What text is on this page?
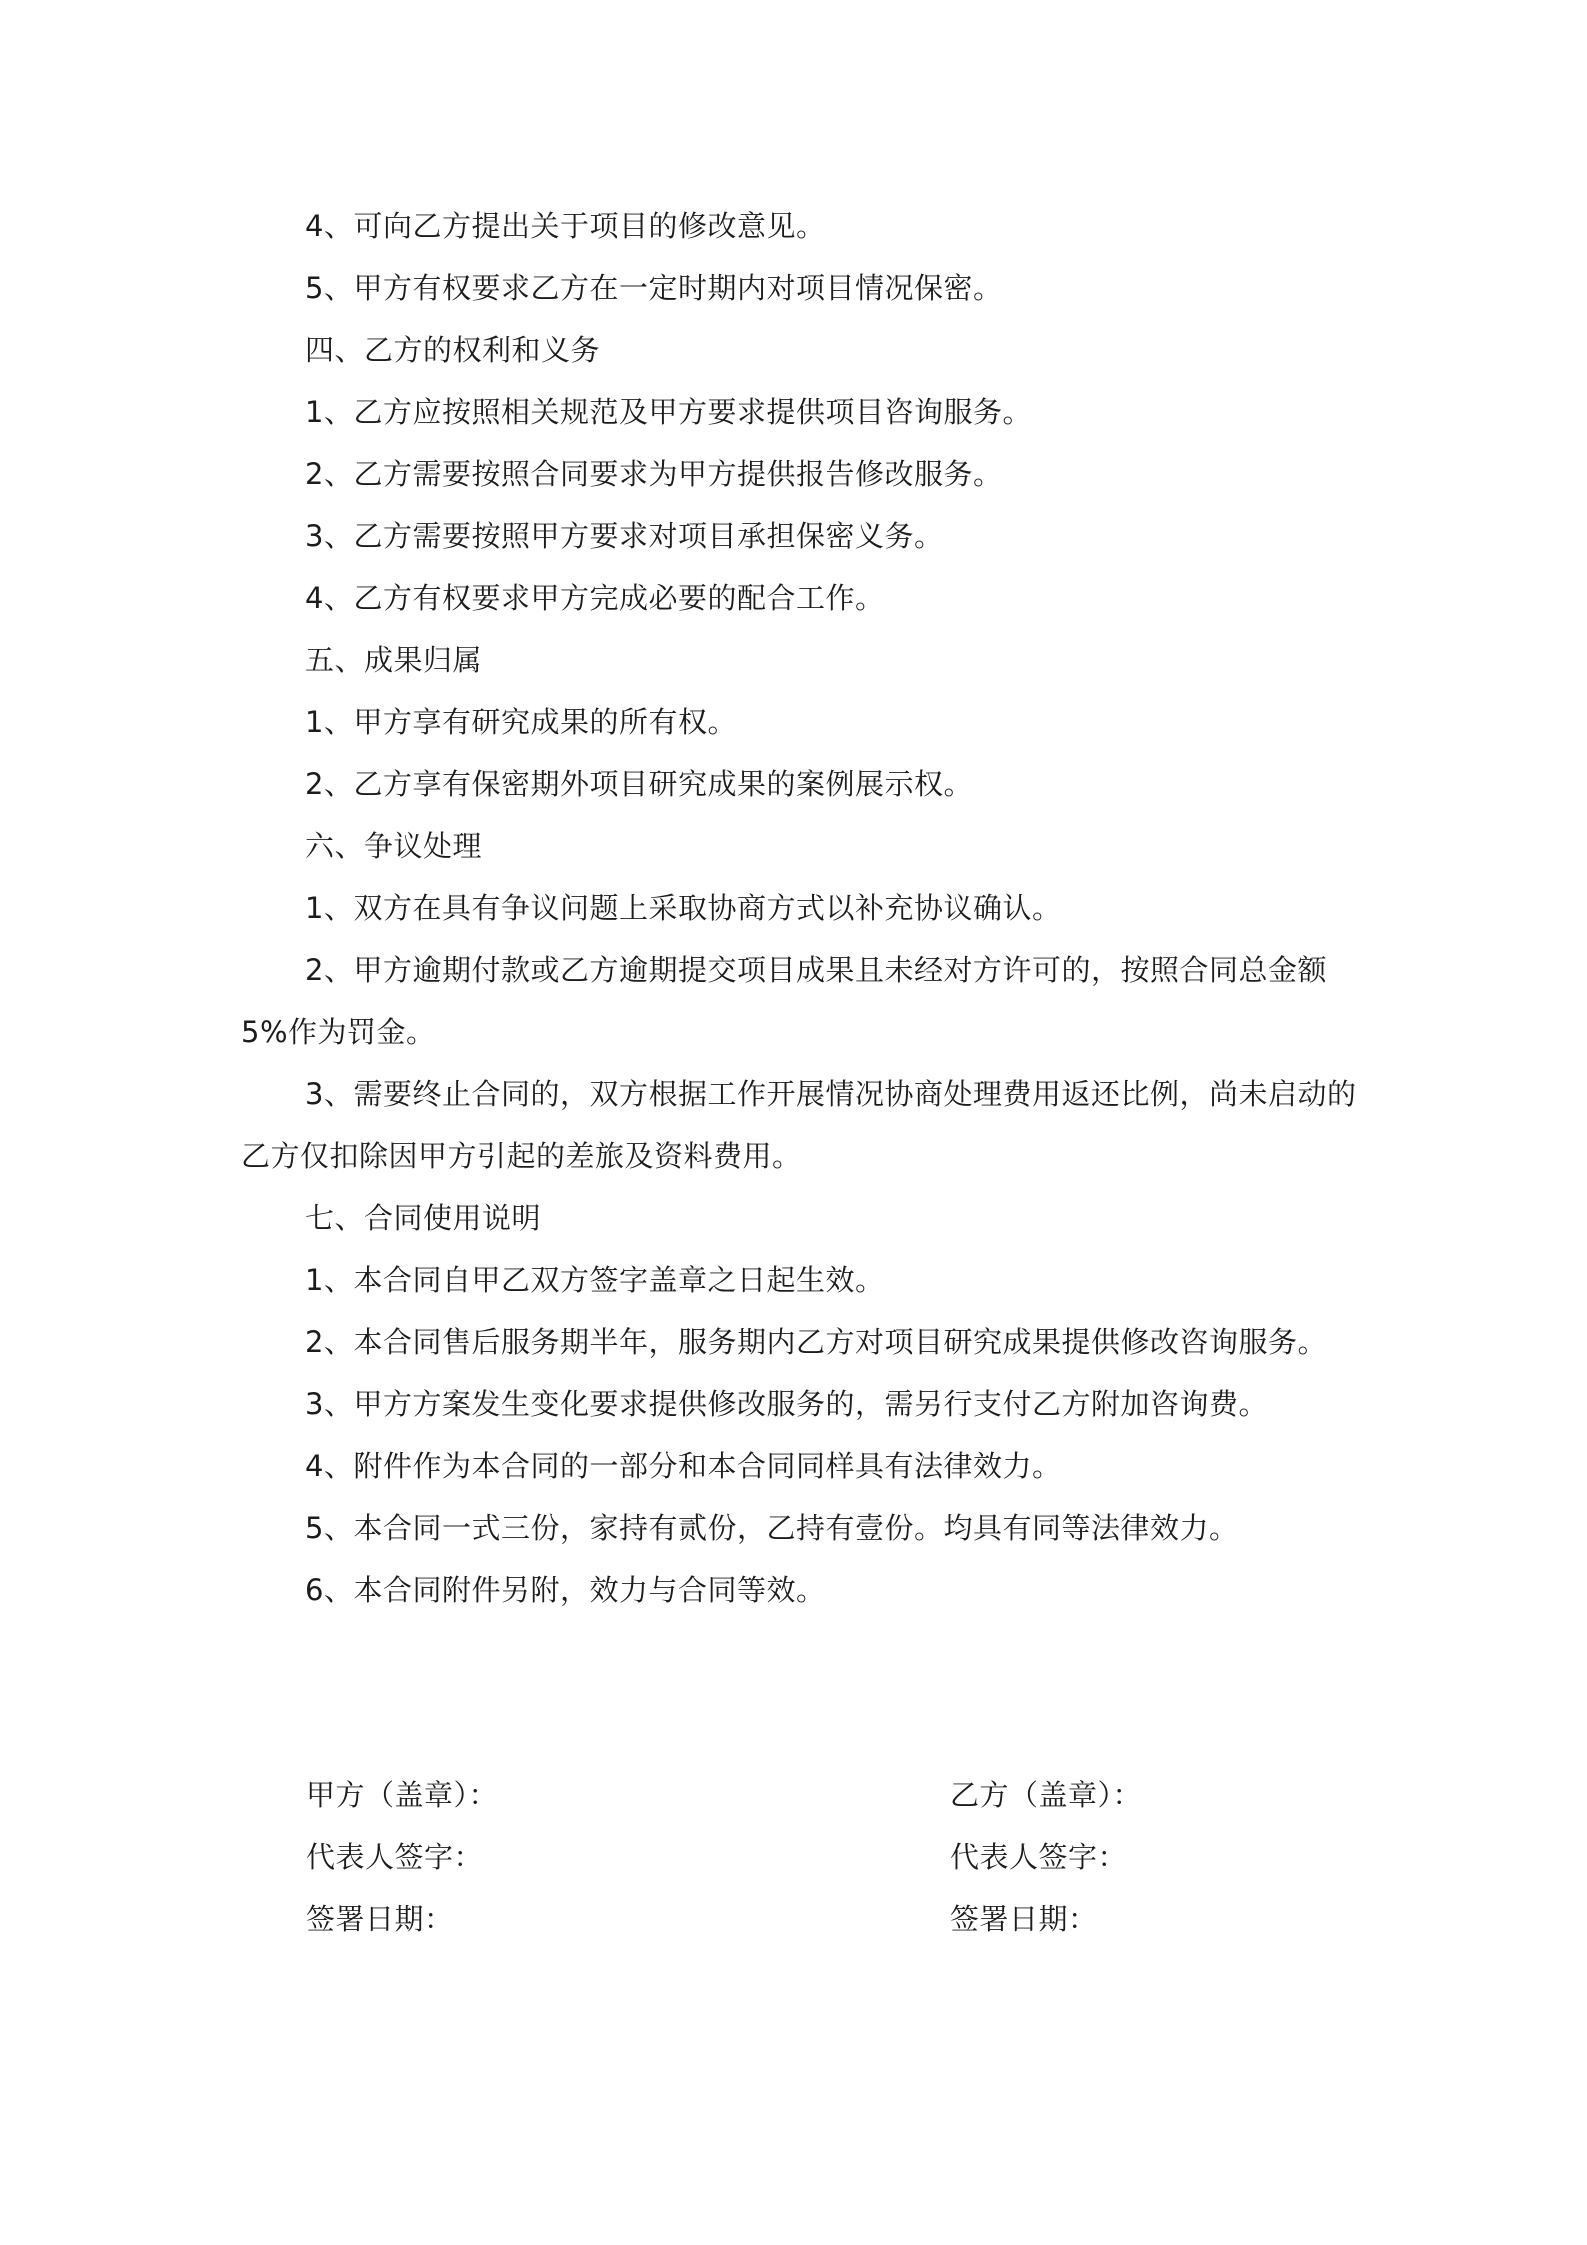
4、可向乙方提出关于项目的修改意见。

5、甲方有权要求乙方在一定时期内对项目情况保密。

四、乙方的权利和义务

1、乙方应按照相关规范及甲方要求提供项目咨询服务。

2、乙方需要按照合同要求为甲方提供报告修改服务。

3、乙方需要按照甲方要求对项目承担保密义务。

4、乙方有权要求甲方完成必要的配合工作。

五、成果归属

1、甲方享有研究成果的所有权。

2、乙方享有保密期外项目研究成果的案例展示权。

六、争议处理

1、双方在具有争议问题上采取协商方式以补充协议确认。

2、甲方逾期付款或乙方逾期提交项目成果且未经对方许可的，按照合同总金额 5%作为罚金。

3、需要终止合同的，双方根据工作开展情况协商处理费用返还比例，尚未启动的乙方仅扣除因甲方引起的差旅及资料费用。

七、合同使用说明

1、本合同自甲乙双方签字盖章之日起生效。

2、本合同售后服务期半年，服务期内乙方对项目研究成果提供修改咨询服务。

3、甲方方案发生变化要求提供修改服务的，需另行支付乙方附加咨询费。

4、附件作为本合同的一部分和本合同同样具有法律效力。

5、本合同一式三份，家持有贰份，乙持有壹份。均具有同等法律效力。

6、本合同附件另附，效力与合同等效。

甲方（盖章）：
代表人签字：
签署日期：
乙方（盖章）：
代表人签字：
签署日期：
